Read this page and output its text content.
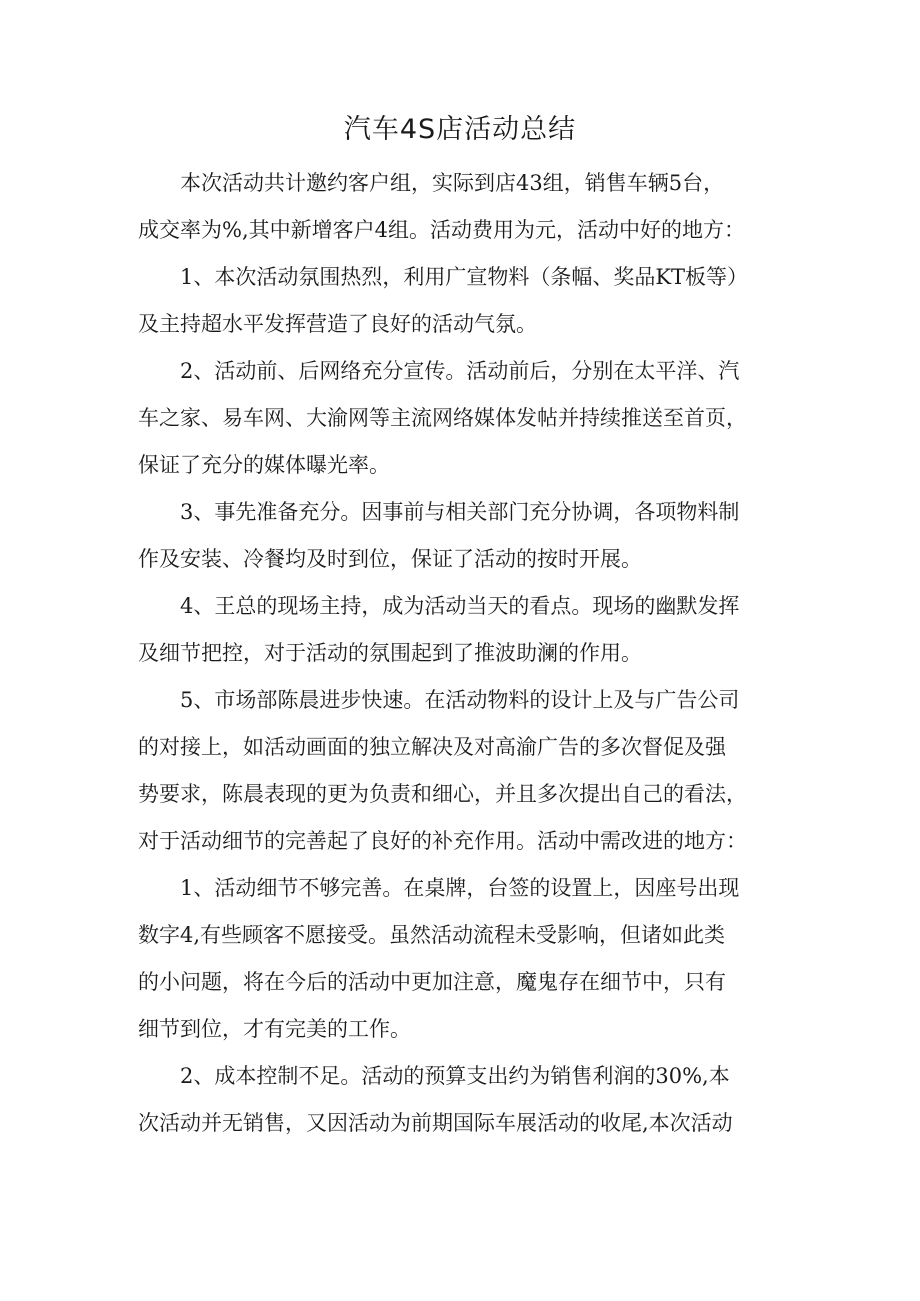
汽车4S店活动总结

本次活动共计邀约客户组，实际到店43组，销售车辆5台，

成交率为%,其中新增客户4组。活动费用为元，活动中好的地方：

1、本次活动氛围热烈，利用广宣物料（条幅、奖品KT板等）

及主持超水平发挥营造了良好的活动气氛。

2、活动前、后网络充分宣传。活动前后，分别在太平洋、汽

车之家、易车网、大渝网等主流网络媒体发帖并持续推送至首页，

保证了充分的媒体曝光率。

3、事先准备充分。因事前与相关部门充分协调，各项物料制

作及安装、冷餐均及时到位，保证了活动的按时开展。

4、王总的现场主持，成为活动当天的看点。现场的幽默发挥

及细节把控，对于活动的氛围起到了推波助澜的作用。

5、市场部陈晨进步快速。在活动物料的设计上及与广告公司

的对接上，如活动画面的独立解决及对高渝广告的多次督促及强

势要求，陈晨表现的更为负责和细心，并且多次提出自己的看法，

对于活动细节的完善起了良好的补充作用。活动中需改进的地方：

1、活动细节不够完善。在桌牌，台签的设置上，因座号出现

数字4,有些顾客不愿接受。虽然活动流程未受影响，但诸如此类

的小问题，将在今后的活动中更加注意，魔鬼存在细节中，只有

细节到位，才有完美的工作。

2、成本控制不足。活动的预算支出约为销售利润的30%,本

次活动并无销售，又因活动为前期国际车展活动的收尾,本次活动
